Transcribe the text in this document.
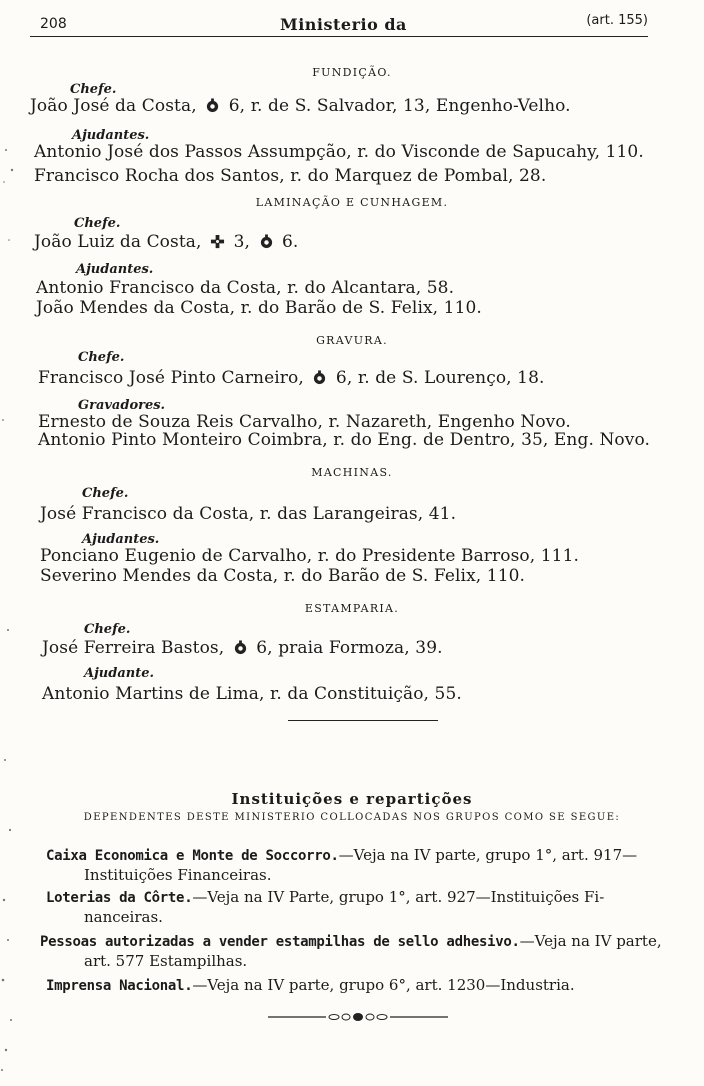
208	Ministerio da	(art. 155)
FUNDIÇÃO.
Chefe.
João José da Costa, 6, r. de S. Salvador, 13, Engenho-Velho.
Ajudantes.
Antonio José dos Passos Assumpção, r. do Visconde de Sapucahy, 110.
Francisco Rocha dos Santos, r. do Marquez de Pombal, 28.
LAMINAÇÃO E CUNHAGEM.
Chefe.
João Luiz da Costa, 3, 6.
Ajudantes.
Antonio Francisco da Costa, r. do Alcantara, 58.
João Mendes da Costa, r. do Barão de S. Felix, 110.
GRAVURA.
Chefe.
Francisco José Pinto Carneiro, 6, r. de S. Lourenço, 18.
Gravadores.
Ernesto de Souza Reis Carvalho, r. Nazareth, Engenho Novo.
Antonio Pinto Monteiro Coimbra, r. do Eng. de Dentro, 35, Eng. Novo.
MACHINAS.
Chefe.
José Francisco da Costa, r. das Larangeiras, 41.
Ajudantes.
Ponciano Eugenio de Carvalho, r. do Presidente Barroso, 111.
Severino Mendes da Costa, r. do Barão de S. Felix, 110.
ESTAMPARIA.
Chefe.
José Ferreira Bastos, 6, praia Formoza, 39.
Ajudante.
Antonio Martins de Lima, r. da Constituição, 55.
Instituições e repartições
DEPENDENTES DESTE MINISTERIO COLLOCADAS NOS GRUPOS COMO SE SEGUE:
Caixa Economica e Monte de Soccorro.—Veja na IV parte, grupo 1°, art. 917—
Instituições Financeiras.
Loterias da Côrte.—Veja na IV Parte, grupo 1°, art. 927—Instituições Fi-
nanceiras.
Pessoas autorizadas a vender estampilhas de sello adhesivo.—Veja na IV parte,
art. 577 Estampilhas.
Imprensa Nacional.—Veja na IV parte, grupo 6°, art. 1230—Industria.
